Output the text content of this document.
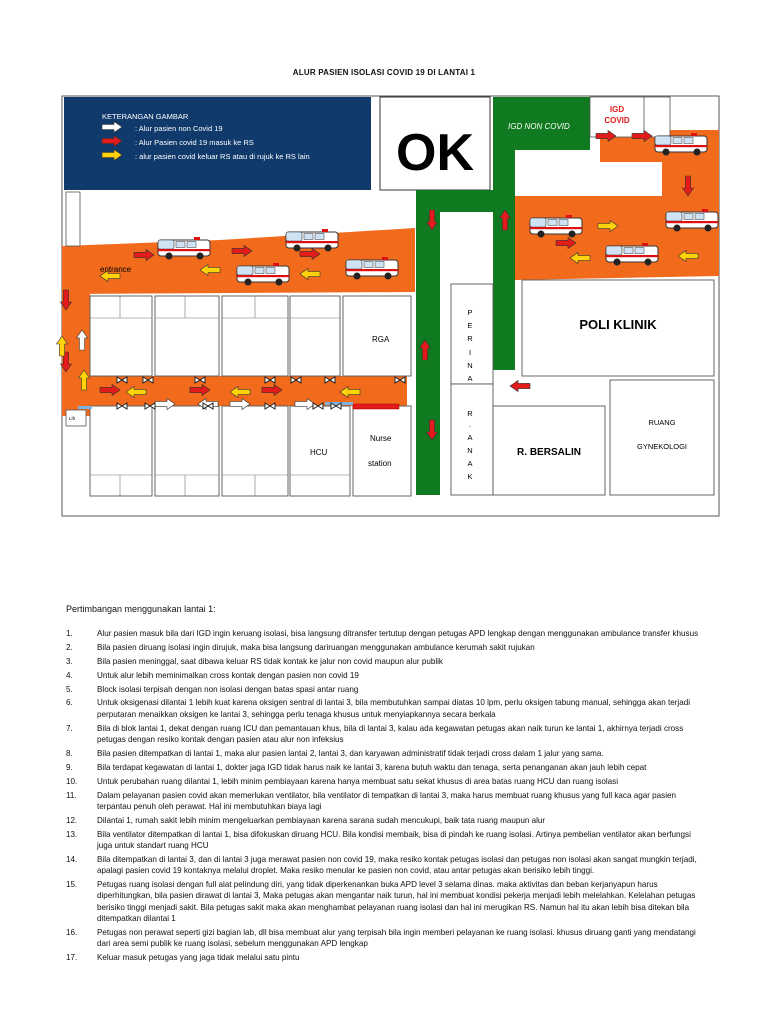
ALUR PASIEN ISOLASI COVID 19 DI LANTAI 1
KETERANGAN GAMBAR
: Alur pasien non Covid 19
: Alur Pasien covid 19 masuk ke RS
: alur pasien covid keluar RS atau di rujuk ke RS lain OK	IGD NON COVID
IGD
COVID
entrance
RGA
HCU
Nurse
station
Lift
P
E
R
I
N
A
R
.
A
N
A
K
POLI KLINIK
R. BERSALIN
RUANG
GYNEKOLOGI
Pertimbangan menggunakan lantai 1:
1.	Alur pasien masuk bila dari IGD ingin keruang isolasi, bisa langsung ditransfer tertutup dengan petugas APD lengkap dengan menggunakan ambulance transfer khusus
2.	Bila pasien diruang isolasi ingin dirujuk, maka bisa langsung dariruangan menggunakan ambulance kerumah sakit rujukan
3.	Bila pasien meninggal, saat dibawa keluar RS tidak kontak ke jalur non covid maupun alur publik
4.	Untuk alur lebih meminimalkan cross kontak dengan pasien non covid 19
5.	Block isolasi terpisah dengan non isolasi dengan batas spasi antar ruang
6.	Untuk oksigenasi dilantai 1 lebih kuat karena oksigen sentral di lantai 3, bila membutuhkan sampai diatas 10 lpm, perlu oksigen tabung manual, sehingga akan terjadi perputaran menaikkan oksigen ke lantai 3, sehingga perlu tenaga khusus untuk menyiapkannya secara berkala
7.	Bila di blok lantai 1, dekat dengan ruang ICU dan pemantauan khus, bila di lantai 3, kalau ada kegawatan petugas akan naik turun ke lantai 1, akhirnya terjadi cross petugas dengan resiko kontak dengan pasien atau alur non infeksius
8.	Bila pasien ditempatkan di lantai 1, maka alur pasien lantai 2, lantai 3, dan karyawan administratif tidak terjadi cross dalam 1 jalur yang sama.
9.	Bila terdapat kegawatan di lantai 1, dokter jaga IGD tidak harus naik ke lantai 3, karena butuh waktu dan tenaga, serta penanganan akan jauh lebih cepat
10. Untuk perubahan ruang dilantai 1, lebih minim pembiayaan karena hanya membuat satu sekat khusus di area batas ruang HCU dan ruang isolasi
11.	Dalam pelayanan pasien covid akan memerlukan ventilator, bila ventilator di tempatkan di lantai 3, maka harus membuat ruang khusus yang full kaca agar pasien terpantau penuh oleh perawat. Hal ini membutuhkan biaya lagi
12. Dilantai 1, rumah sakit lebih minim mengeluarkan pembiayaan karena sarana sudah mencukupi, baik tata ruang maupun alur
13. Bila ventilator ditempatkan di lantai 1, bisa difokuskan diruang HCU. Bila kondisi membaik, bisa di pindah ke ruang isolasi. Artinya pembelian ventilator akan berfungsi juga untuk standart ruang HCU
14. Bila ditempatkan di lantai 3, dan di lantai 3 juga merawat pasien non covid 19, maka resiko kontak petugas isolasi dan petugas non isolasi akan sangat mungkin terjadi, apalagi pasien covid 19 kontaknya melalui droplet. Maka resiko menular ke pasien non covid, atau antar petugas akan berisiko lebih tinggi.
15. Petugas ruang isolasi dengan full alat pelindung diri, yang tidak diperkenankan buka APD level 3 selama dinas. maka aktivitas dan beban kerjanyapun harus diperhitungkan, bila pasien dirawat di lantai 3, Maka petugas akan mengantar naik turun, hal ini membuat kondisi pekerja menjadi lebih melelahkan. Kelelahan petugas berisiko tinggi menjadi sakit. Bila petugas sakit maka akan menghambat pelayanan ruang isolasi dan hal ini merugikan RS. Namun hal itu akan lebih bisa ditekan bila ditempatkan dilantai 1
16. Petugas non perawat seperti gizi bagian lab, dll bisa membuat alur yang terpisah bila ingin memberi pelayanan ke ruang isolasi. khusus diruang ganti yang mendatangi dari area semi publik ke ruang isolasi, sebelum menggunakan APD lengkap
17. Keluar masuk petugas yang jaga tidak melalui satu pintu
